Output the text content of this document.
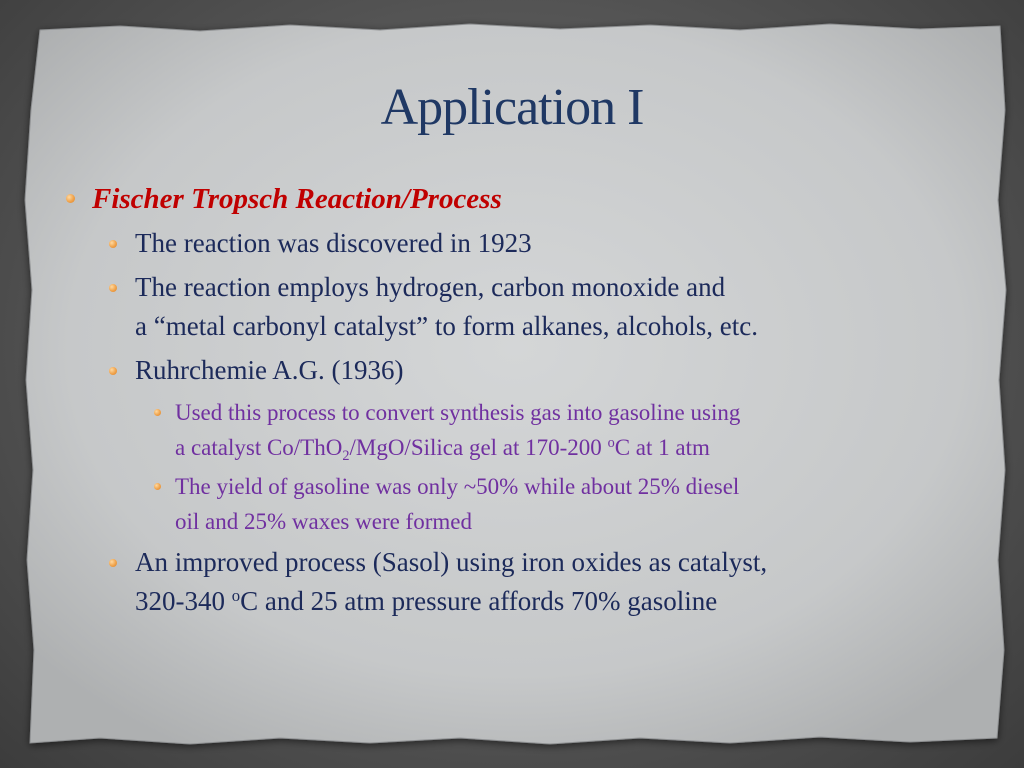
Application I
Fischer Tropsch Reaction/Process
The reaction was discovered in 1923
The reaction employs hydrogen, carbon monoxide and
a “metal carbonyl catalyst” to form alkanes, alcohols, etc.
Ruhrchemie A.G. (1936)
Used this process to convert synthesis gas into gasoline using
a catalyst Co/ThO$_2$/MgO/Silica gel at 170-200 $^o$C at 1 atm
The yield of gasoline was only ~50% while about 25% diesel
oil and 25% waxes were formed
An improved process (Sasol) using iron oxides as catalyst,
320-340 $^o$C and 25 atm pressure affords 70% gasoline
